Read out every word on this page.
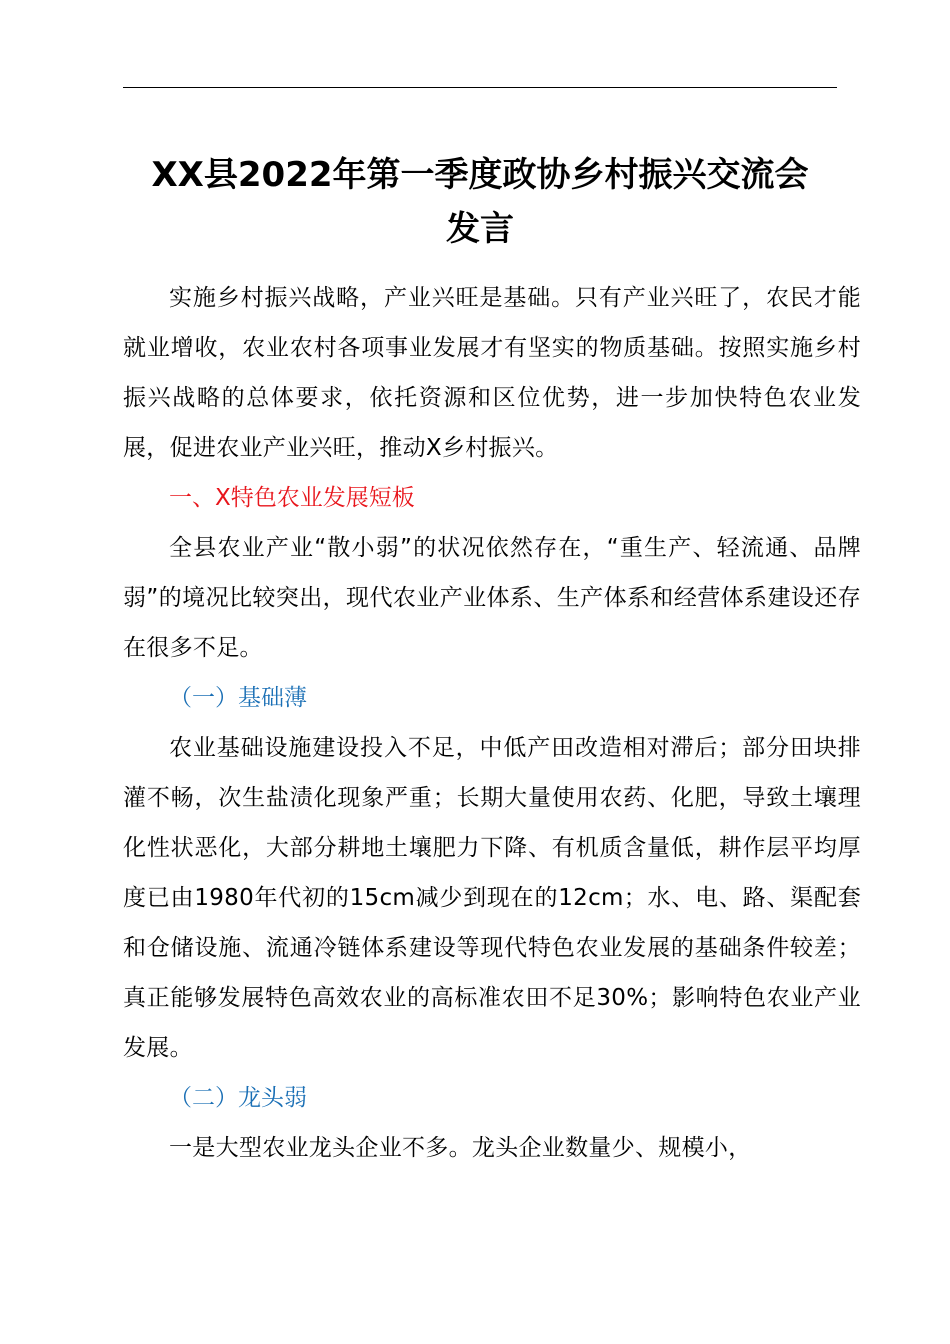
XX县2022年第一季度政协乡村振兴交流会
发言

实施乡村振兴战略，产业兴旺是基础。只有产业兴旺了，农民才能就业增收，农业农村各项事业发展才有坚实的物质基础。按照实施乡村振兴战略的总体要求，依托资源和区位优势，进一步加快特色农业发展，促进农业产业兴旺，推动X乡村振兴。

一、X特色农业发展短板

全县农业产业“散小弱”的状况依然存在，“重生产、轻流通、品牌弱”的境况比较突出，现代农业产业体系、生产体系和经营体系建设还存在很多不足。

（一）基础薄

农业基础设施建设投入不足，中低产田改造相对滞后；部分田块排灌不畅，次生盐渍化现象严重；长期大量使用农药、化肥，导致土壤理化性状恶化，大部分耕地土壤肥力下降、有机质含量低，耕作层平均厚度已由1980年代初的15cm减少到现在的12cm；水、电、路、渠配套和仓储设施、流通冷链体系建设等现代特色农业发展的基础条件较差；真正能够发展特色高效农业的高标准农田不足30%；影响特色农业产业发展。

（二）龙头弱

一是大型农业龙头企业不多。龙头企业数量少、规模小，
